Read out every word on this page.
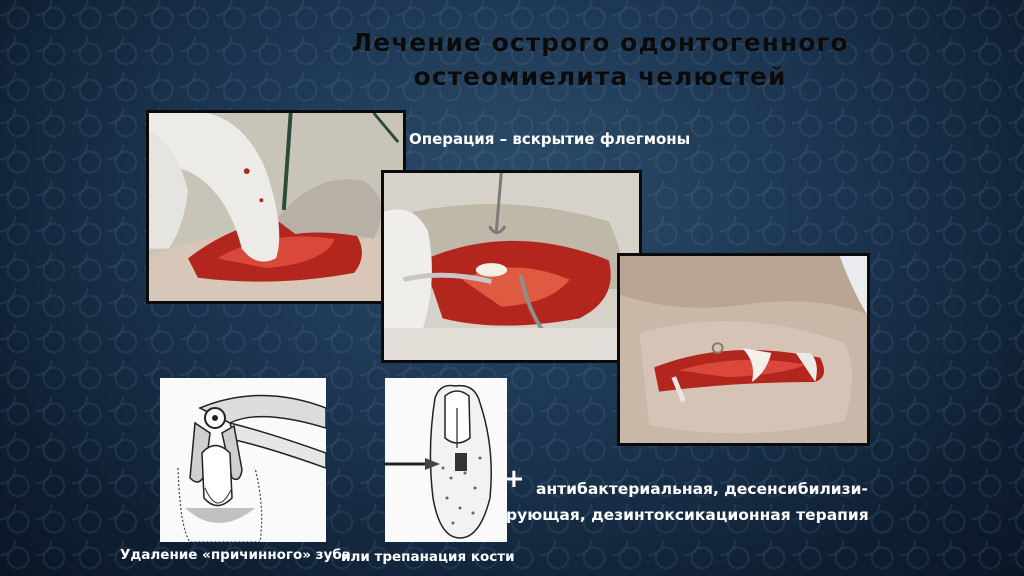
Лечение острого одонтогенного
остеомиелита челюстей
Операция – вскрытие флегмоны
+ антибактериальная, десенсибилизи-
рующая, дезинтоксикационная терапия
Удаление «причинного» зуба
или трепанация кости
